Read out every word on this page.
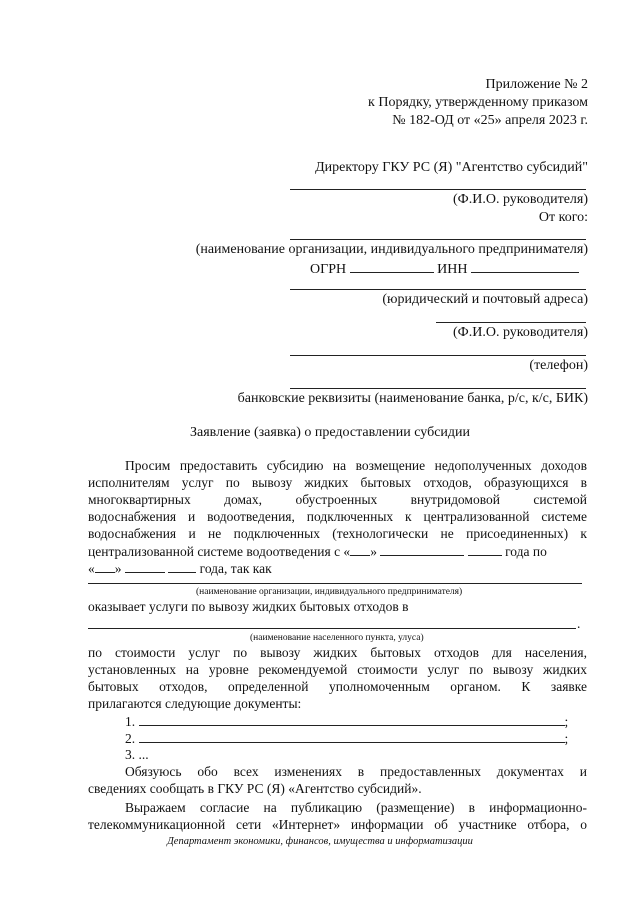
Приложение № 2
к Порядку, утвержденному приказом
№ 182-ОД от «25» апреля 2023 г.
Директору ГКУ РС (Я) "Агентство субсидий"
(Ф.И.О. руководителя)
От кого:
(наименование организации, индивидуального предпринимателя)
ОГРН	ИНН
(юридический и почтовый адреса)
(Ф.И.О. руководителя)
(телефон)
банковские реквизиты (наименование банка, р/с, к/с, БИК)
Заявление (заявка) о предоставлении субсидии
Просим предоставить субсидию на возмещение недополученных доходов
исполнителям услуг по вывозу жидких бытовых отходов, образующихся в
многоквартирных домах, обустроенных внутридомовой системой
водоснабжения и водоотведения, подключенных к централизованной системе
водоснабжения и не подключенных (технологически не присоединенных) к
централизованной системе водоотведения с « »	года по
« »	года, так как
(наименование организации, индивидуального предпринимателя)
оказывает услуги по вывозу жидких бытовых отходов в
.
(наименование населенного пункта, улуса)
по стоимости услуг по вывозу жидких бытовых отходов для населения,
установленных на уровне рекомендуемой стоимости услуг по вывозу жидких
бытовых отходов, определенной уполномоченным органом. К заявке
прилагаются следующие документы:
1.	;
2.	;
3. ...
Обязуюсь обо всех изменениях в предоставленных документах и
сведениях сообщать в ГКУ РС (Я) «Агентство субсидий».
Выражаем согласие на публикацию (размещение) в информационно-
телекоммуникационной сети «Интернет» информации об участнике отбора, о
Департамент экономики, финансов, имущества и информатизации
